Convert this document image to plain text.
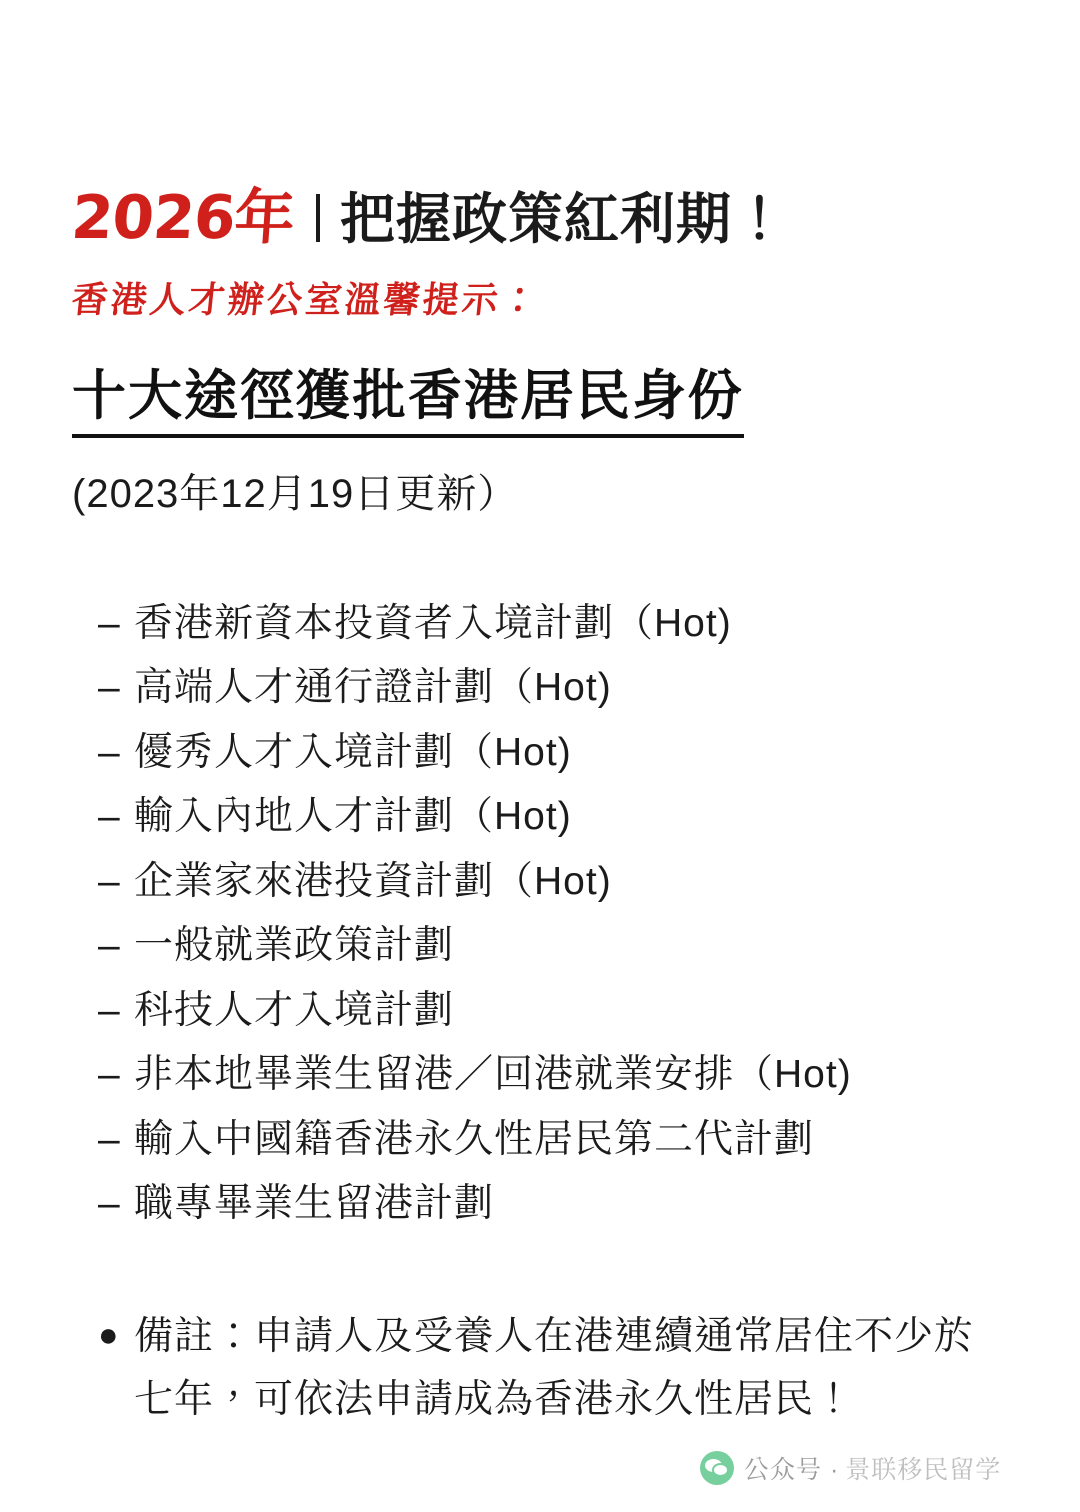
2026年 把握政策紅利期！
香港人才辦公室溫馨提示：
十大途徑獲批香港居民身份
(2023年12月19日更新）
– 香港新資本投資者入境計劃（Hot)
– 高端人才通行證計劃（Hot)
– 優秀人才入境計劃（Hot)
– 輸入內地人才計劃（Hot)
– 企業家來港投資計劃（Hot)
– 一般就業政策計劃
– 科技人才入境計劃
– 非本地畢業生留港／回港就業安排（Hot)
– 輸入中國籍香港永久性居民第二代計劃
– 職專畢業生留港計劃
● 備註：申請人及受養人在港連續通常居住不少於七年，可依法申請成為香港永久性居民！
公众号 · 景联移民留学
